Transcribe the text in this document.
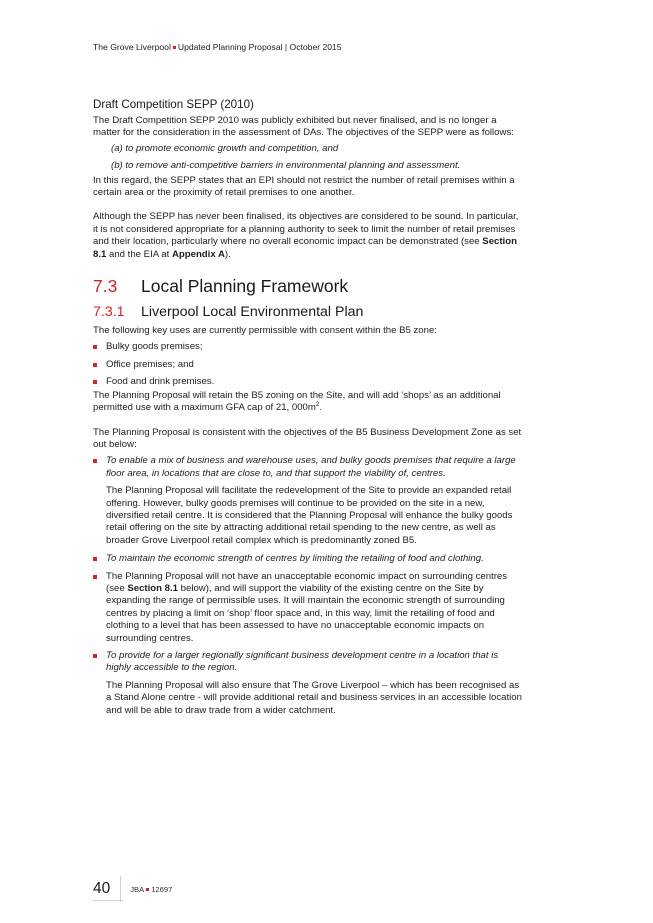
The Grove Liverpool Updated Planning Proposal | October 2015
Draft Competition SEPP (2010)

The Draft Competition SEPP 2010 was publicly exhibited but never finalised, and is no longer a matter for the consideration in the assessment of DAs. The objectives of the SEPP were as follows:

(a) to promote economic growth and competition, and
(b) to remove anti-competitive barriers in environmental planning and assessment.

In this regard, the SEPP states that an EPI should not restrict the number of retail premises within a certain area or the proximity of retail premises to one another.

Although the SEPP has never been finalised, its objectives are considered to be sound. In particular, it is not considered appropriate for a planning authority to seek to limit the number of retail premises and their location, particularly where no overall economic impact can be demonstrated (see Section 8.1 and the EIA at Appendix A).

7.3 Local Planning Framework
7.3.1 Liverpool Local Environmental Plan

The following key uses are currently permissible with consent within the B5 zone:

Bulky goods premises;
Office premises; and
Food and drink premises.

The Planning Proposal will retain the B5 zoning on the Site, and will add ‘shops’ as an additional permitted use with a maximum GFA cap of 21, $000m^2$.

The Planning Proposal is consistent with the objectives of the B5 Business Development Zone as set out below:

To enable a mix of business and warehouse uses, and bulky goods premises that require a large floor area, in locations that are close to, and that support the viability of, centres.

The Planning Proposal will facilitate the redevelopment of the Site to provide an expanded retail offering. However, bulky goods premises will continue to be provided on the site in a new, diversified retail centre. It is considered that the Planning Proposal will enhance the bulky goods retail offering on the site by attracting additional retail spending to the new centre, as well as broader Grove Liverpool retail complex which is predominantly zoned B5.

To maintain the economic strength of centres by limiting the retailing of food and clothing.
The Planning Proposal will not have an unacceptable economic impact on surrounding centres (see Section 8.1 below), and will support the viability of the existing centre on the Site by expanding the range of permissible uses. It will maintain the economic strength of surrounding centres by placing a limit on ‘shop’ floor space and, in this way, limit the retailing of food and clothing to a level that has been assessed to have no unacceptable economic impacts on surrounding centres.
To provide for a larger regionally significant business development centre in a location that is highly accessible to the region.

The Planning Proposal will also ensure that The Grove Liverpool – which has been recognised as a Stand Alone centre - will provide additional retail and business services in an accessible location and will be able to draw trade from a wider catchment.

40	JBA 12697
